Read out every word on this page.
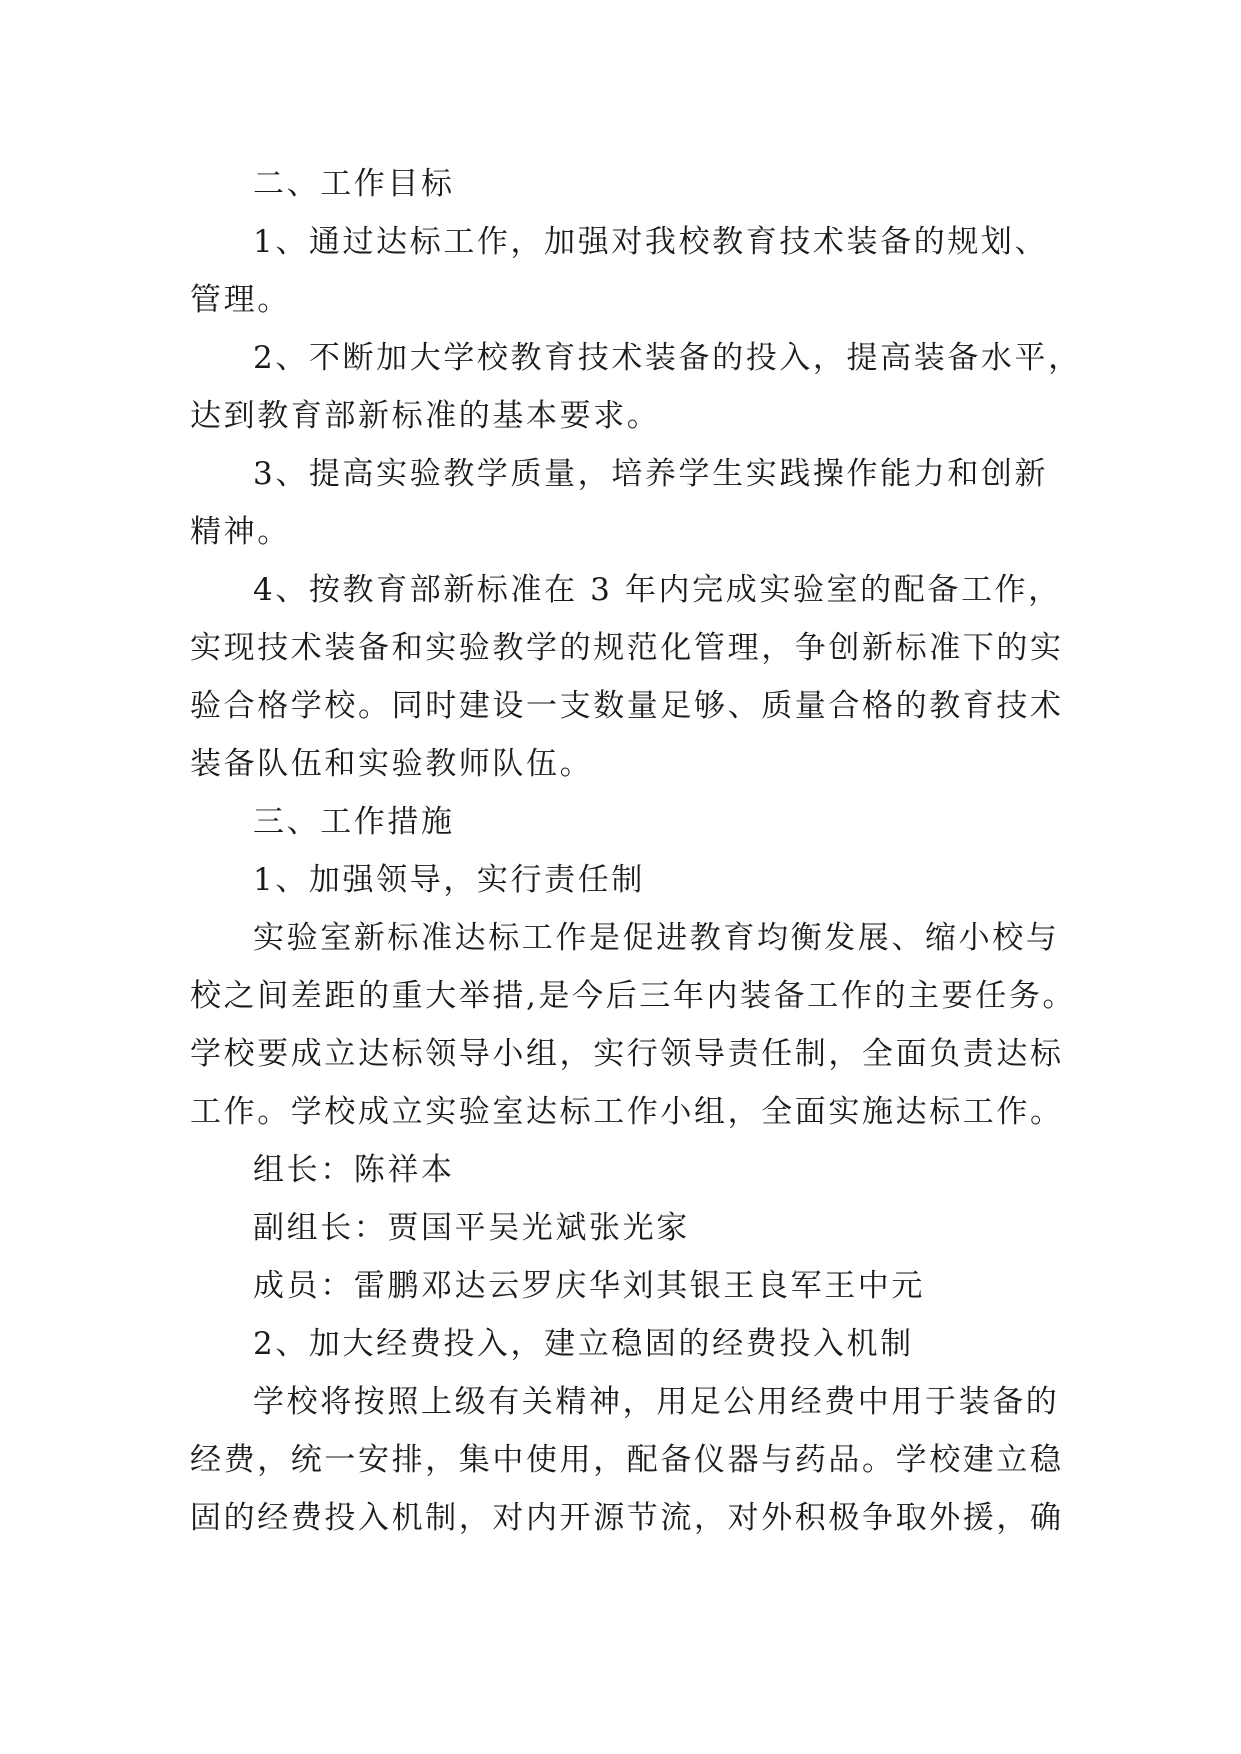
二、工作目标
1、通过达标工作，加强对我校教育技术装备的规划、
管理。
2、不断加大学校教育技术装备的投入，提高装备水平，
达到教育部新标准的基本要求。
3、提高实验教学质量，培养学生实践操作能力和创新
精神。
4、按教育部新标准在 3 年内完成实验室的配备工作，
实现技术装备和实验教学的规范化管理，争创新标准下的实
验合格学校。同时建设一支数量足够、质量合格的教育技术
装备队伍和实验教师队伍。
三、工作措施
1、加强领导，实行责任制
实验室新标准达标工作是促进教育均衡发展、缩小校与
校之间差距的重大举措,是今后三年内装备工作的主要任务。
学校要成立达标领导小组，实行领导责任制，全面负责达标
工作。学校成立实验室达标工作小组，全面实施达标工作。
组长：陈祥本
副组长：贾国平吴光斌张光家
成员：雷鹏邓达云罗庆华刘其银王良军王中元
2、加大经费投入，建立稳固的经费投入机制
学校将按照上级有关精神，用足公用经费中用于装备的
经费，统一安排，集中使用，配备仪器与药品。学校建立稳
固的经费投入机制，对内开源节流，对外积极争取外援，确
